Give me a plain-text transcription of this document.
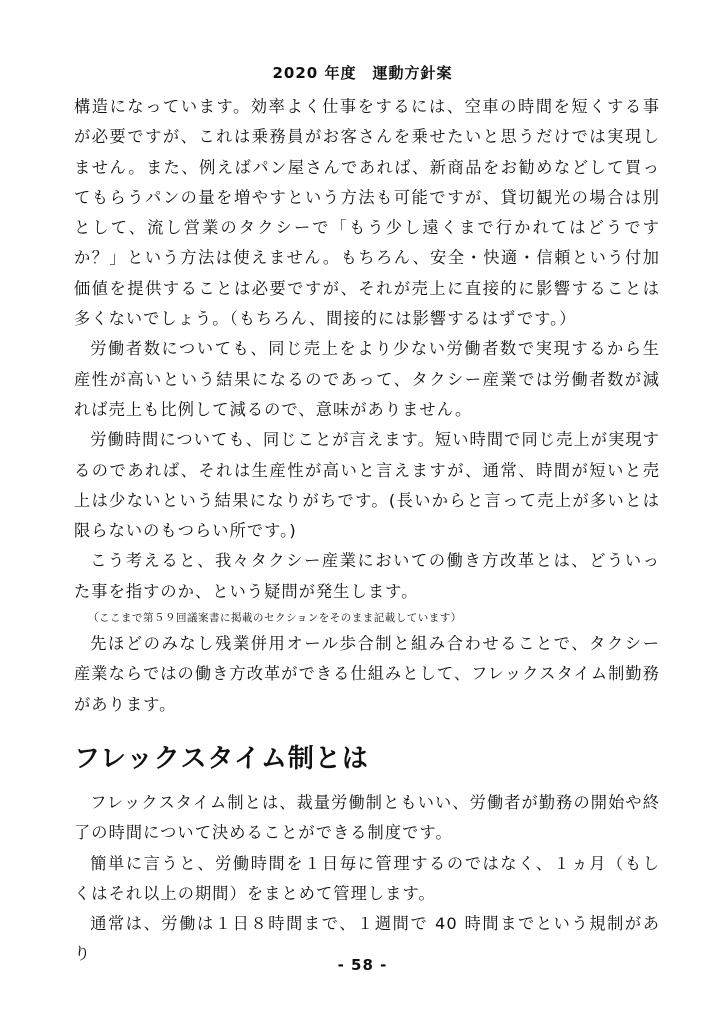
2020 年度　運動方針案

構造になっています。効率よく仕事をするには、空車の時間を短くする事が必要ですが、これは乗務員がお客さんを乗せたいと思うだけでは実現しません。また、例えばパン屋さんであれば、新商品をお勧めなどして買ってもらうパンの量を増やすという方法も可能ですが、貸切観光の場合は別として、流し営業のタクシーで「もう少し遠くまで行かれてはどうですか？」という方法は使えません。もちろん、安全・快適・信頼という付加価値を提供することは必要ですが、それが売上に直接的に影響することは多くないでしょう。（もちろん、間接的には影響するはずです。）

労働者数についても、同じ売上をより少ない労働者数で実現するから生産性が高いという結果になるのであって、タクシー産業では労働者数が減れば売上も比例して減るので、意味がありません。

労働時間についても、同じことが言えます。短い時間で同じ売上が実現するのであれば、それは生産性が高いと言えますが、通常、時間が短いと売上は少ないという結果になりがちです。(長いからと言って売上が多いとは限らないのもつらい所です。)

こう考えると、我々タクシー産業においての働き方改革とは、どういった事を指すのか、という疑問が発生します。

（ここまで第５９回議案書に掲載のセクションをそのまま記載しています）

先ほどのみなし残業併用オール歩合制と組み合わせることで、タクシー産業ならではの働き方改革ができる仕組みとして、フレックスタイム制勤務があります。

フレックスタイム制とは

フレックスタイム制とは、裁量労働制ともいい、労働者が勤務の開始や終了の時間について決めることができる制度です。

簡単に言うと、労働時間を１日毎に管理するのではなく、１ヵ月（もしくはそれ以上の期間）をまとめて管理します。

通常は、労働は１日８時間まで、１週間で 40 時間までという規制があり

- 58 -
